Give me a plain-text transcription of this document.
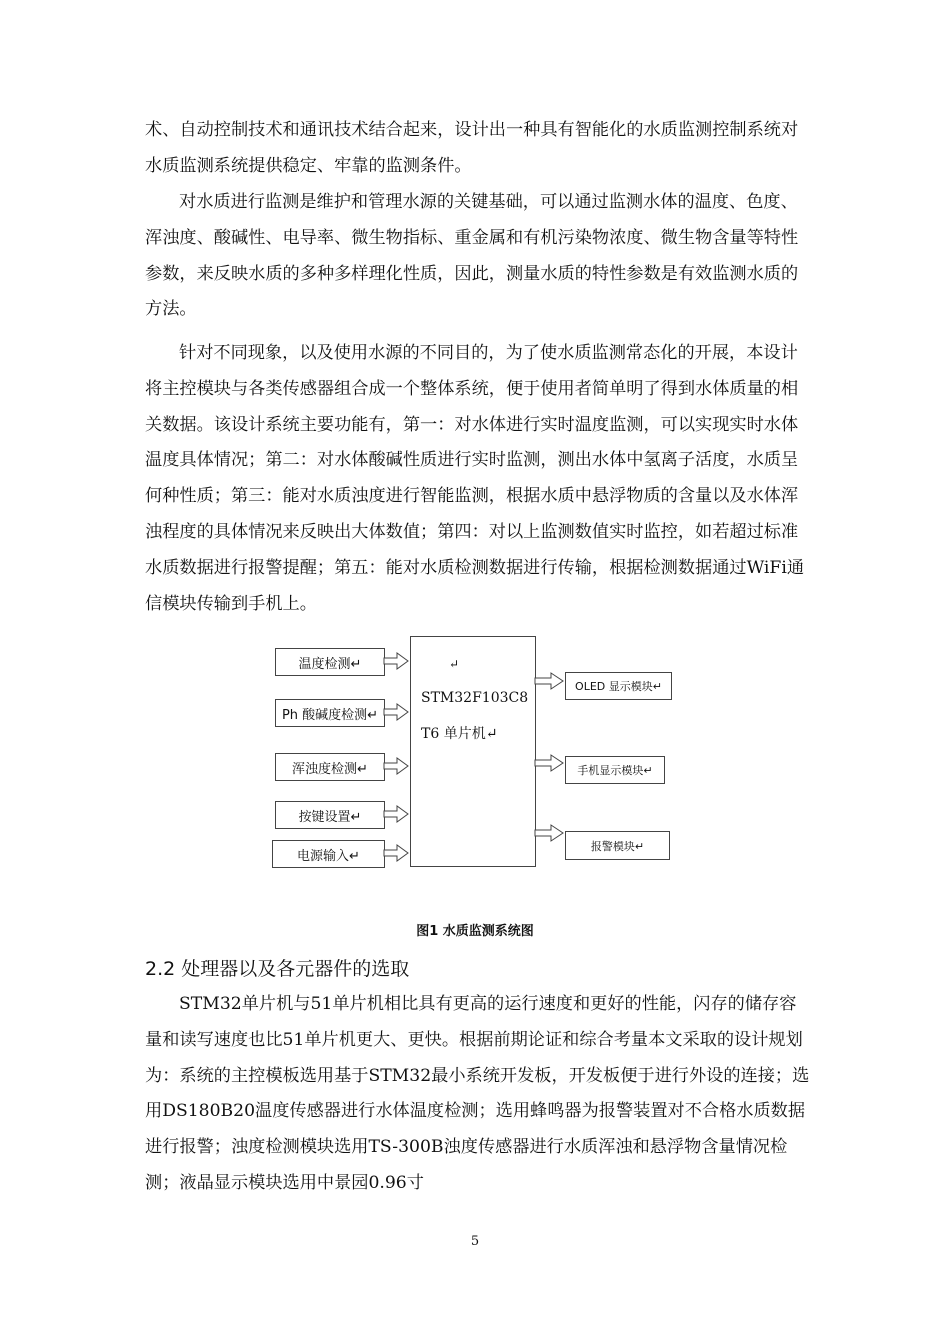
术、自动控制技术和通讯技术结合起来，设计出一种具有智能化的水质监测控制系统对水质监测系统提供稳定、牢靠的监测条件。

对水质进行监测是维护和管理水源的关键基础，可以通过监测水体的温度、色度、浑浊度、酸碱性、电导率、微生物指标、重金属和有机污染物浓度、微生物含量等特性参数，来反映水质的多种多样理化性质，因此，测量水质的特性参数是有效监测水质的方法。

针对不同现象，以及使用水源的不同目的，为了使水质监测常态化的开展，本设计将主控模块与各类传感器组合成一个整体系统，便于使用者简单明了得到水体质量的相关数据。该设计系统主要功能有，第一：对水体进行实时温度监测，可以实现实时水体温度具体情况；第二：对水体酸碱性质进行实时监测，测出水体中氢离子活度，水质呈何种性质；第三：能对水质浊度进行智能监测，根据水质中悬浮物质的含量以及水体浑浊程度的具体情况来反映出大体数值；第四：对以上监测数值实时监控，如若超过标准水质数据进行报警提醒；第五：能对水质检测数据进行传输，根据检测数据通过WiFi通信模块传输到手机上。

温度检测↵
Ph 酸碱度检测↵
浑浊度检测↵
按键设置↵
电源输入↵
↵
STM32F103C8
T6 单片机↵
OLED 显示模块↵
手机显示模块↵
报警模块↵
图1 水质监测系统图
2.2 处理器以及各元器件的选取

STM32单片机与51单片机相比具有更高的运行速度和更好的性能，闪存的储存容量和读写速度也比51单片机更大、更快。根据前期论证和综合考量本文采取的设计规划为：系统的主控模板选用基于STM32最小系统开发板，开发板便于进行外设的连接；选用DS180B20温度传感器进行水体温度检测；选用蜂鸣器为报警装置对不合格水质数据进行报警；浊度检测模块选用TS-300B浊度传感器进行水质浑浊和悬浮物含量情况检测；液晶显示模块选用中景园0.96寸

5
